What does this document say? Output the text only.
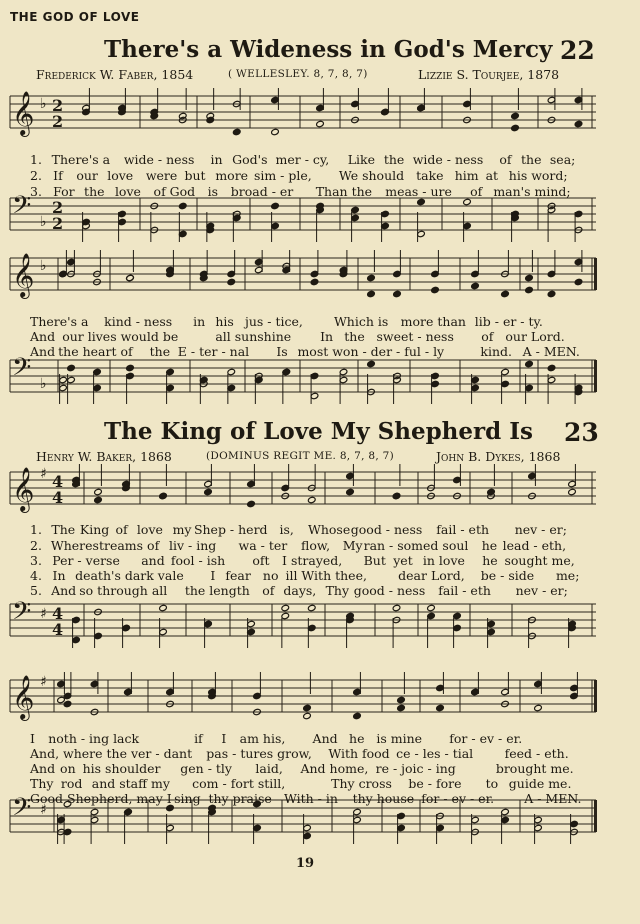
THE GOD OF LOVE
There's a Wideness in God's Mercy 22
Frederick W. Faber, 1854	( WELLESLEY. 8, 7, 8, 7)	Lizzie S. Tourjee, 1878
The King of Love My Shepherd Is 23
Henry W. Baker, 1868	(DOMINUS REGIT ME. 8, 7, 8, 7)	John B. Dykes, 1868
𝄞 ♭ 2
2
𝄢 ♭
2
2
𝄞 ♭
𝄢 ♭
𝄞 ♯ 4
4
𝄢 ♯ 4
4
𝄞 ♯
𝄢 ♯
1. There's a wide - ness in God's mer - cy, Like the wide - ness of the sea;
2. If our love were but more sim - ple, We should take him at his word;
3. For the love of God is broad - er Than the meas - ure of man's mind;
There's a kind - ness in his jus - tice, Which is more than lib - er - ty.
And our lives would be	all sunshine In the sweet - ness of our Lord.
And the heart of the E - ter - nal Is most won - der - ful - ly	kind. A - MEN.
1. The King of love my Shep - herd is, Whose good - ness fail - eth nev - er;
2. Where streams of liv - ing wa - ter flow, My ran - somed soul he lead - eth,
3. Per - verse and fool - ish oft I strayed, But yet in love he sought me,
4. In death's dark vale I fear no ill With thee, dear Lord, be - side me;
5. And so through all the length of days, Thy good - ness fail - eth nev - er;
I noth - ing lack	if I am his, And he is mine for - ev - er.
And, where the ver - dant pas - tures grow, With food ce - les - tial	feed - eth.
And on his shoulder gen - tly laid, And home, re - joic - ing	brought me.
Thy rod and staff my com - fort still,	Thy cross be - fore to guide me.
Good Shepherd, may I sing thy praise With - in thy house for - ev - er. A - MEN.
19
